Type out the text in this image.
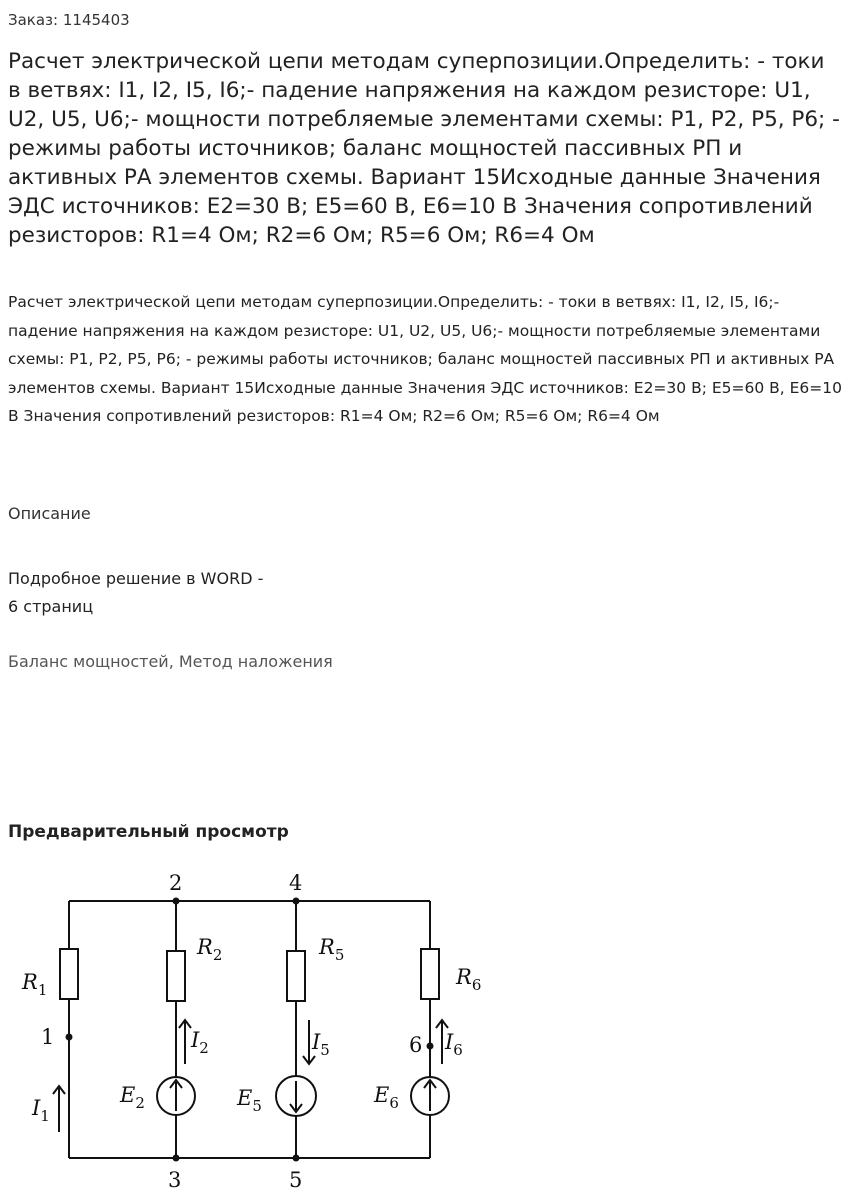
Заказ: 1145403
Расчет электрической цепи методам суперпозиции.Определить: - токи в ветвях: I1, I2, I5, I6;- падение напряжения на каждом резисторе: U1, U2, U5, U6;- мощности потребляемые элементами схемы: P1, P2, P5, P6; - режимы работы источников; баланс мощностей пассивных РП и активных РА элементов схемы. Вариант 15Исходные данные Значения ЭДС источников: E2=30 В; E5=60 В, E6=10 В Значения сопротивлений резисторов: R1=4 Ом; R2=6 Ом; R5=6 Ом; R6=4 Ом
Расчет электрической цепи методам суперпозиции.Определить: - токи в ветвях: I1, I2, I5, I6;- падение напряжения на каждом резисторе: U1, U2, U5, U6;- мощности потребляемые элементами схемы: P1, P2, P5, P6; - режимы работы источников; баланс мощностей пассивных РП и активных РА элементов схемы. Вариант 15Исходные данные Значения ЭДС источников: E2=30 В; E5=60 В, E6=10 В Значения сопротивлений резисторов: R1=4 Ом; R2=6 Ом; R5=6 Ом; R6=4 Ом
Описание
Подробное решение в WORD -
6 страниц
Баланс мощностей, Метод наложения
Предварительный просмотр
2	4
1	6
3	5
$R_1$
$R_2$	$R_5$
$R_6$
$E_2$	$E_5$	$E_6$
$I_1$
$I_2$	$I_5$	$I_6$
